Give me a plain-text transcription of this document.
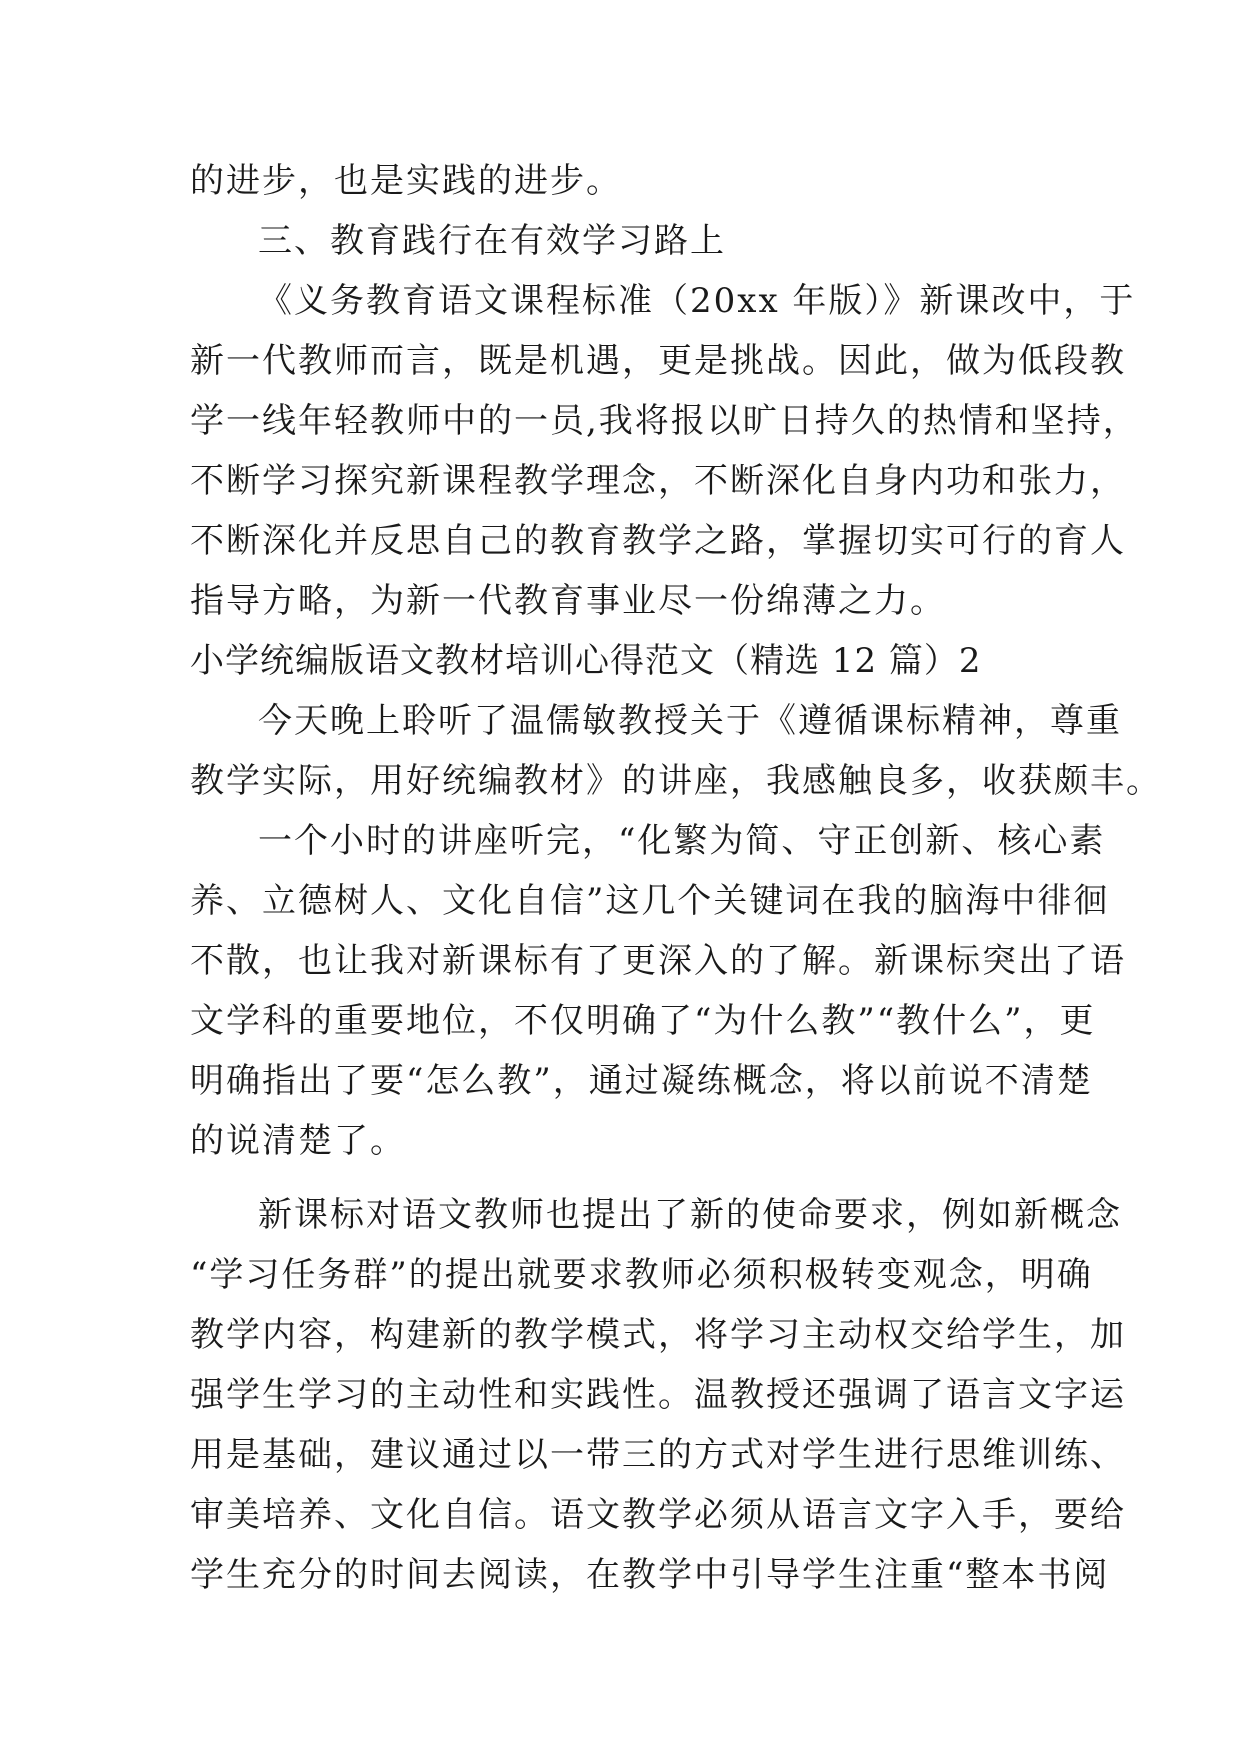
的进步，也是实践的进步。
三、教育践行在有效学习路上
《义务教育语文课程标准（20xx 年版）》新课改中，于
新一代教师而言，既是机遇，更是挑战。因此，做为低段教
学一线年轻教师中的一员,我将报以旷日持久的热情和坚持，
不断学习探究新课程教学理念，不断深化自身内功和张力，
不断深化并反思自己的教育教学之路，掌握切实可行的育人
指导方略，为新一代教育事业尽一份绵薄之力。
小学统编版语文教材培训心得范文（精选 12 篇）2
今天晚上聆听了温儒敏教授关于《遵循课标精神，尊重
教学实际，用好统编教材》的讲座，我感触良多，收获颇丰。
一个小时的讲座听完，“化繁为简、守正创新、核心素
养、立德树人、文化自信”这几个关键词在我的脑海中徘徊
不散，也让我对新课标有了更深入的了解。新课标突出了语
文学科的重要地位，不仅明确了“为什么教”“教什么”，更
明确指出了要“怎么教”，通过凝练概念，将以前说不清楚
的说清楚了。
新课标对语文教师也提出了新的使命要求，例如新概念
“学习任务群”的提出就要求教师必须积极转变观念，明确
教学内容，构建新的教学模式，将学习主动权交给学生，加
强学生学习的主动性和实践性。温教授还强调了语言文字运
用是基础，建议通过以一带三的方式对学生进行思维训练、
审美培养、文化自信。语文教学必须从语言文字入手，要给
学生充分的时间去阅读，在教学中引导学生注重“整本书阅
